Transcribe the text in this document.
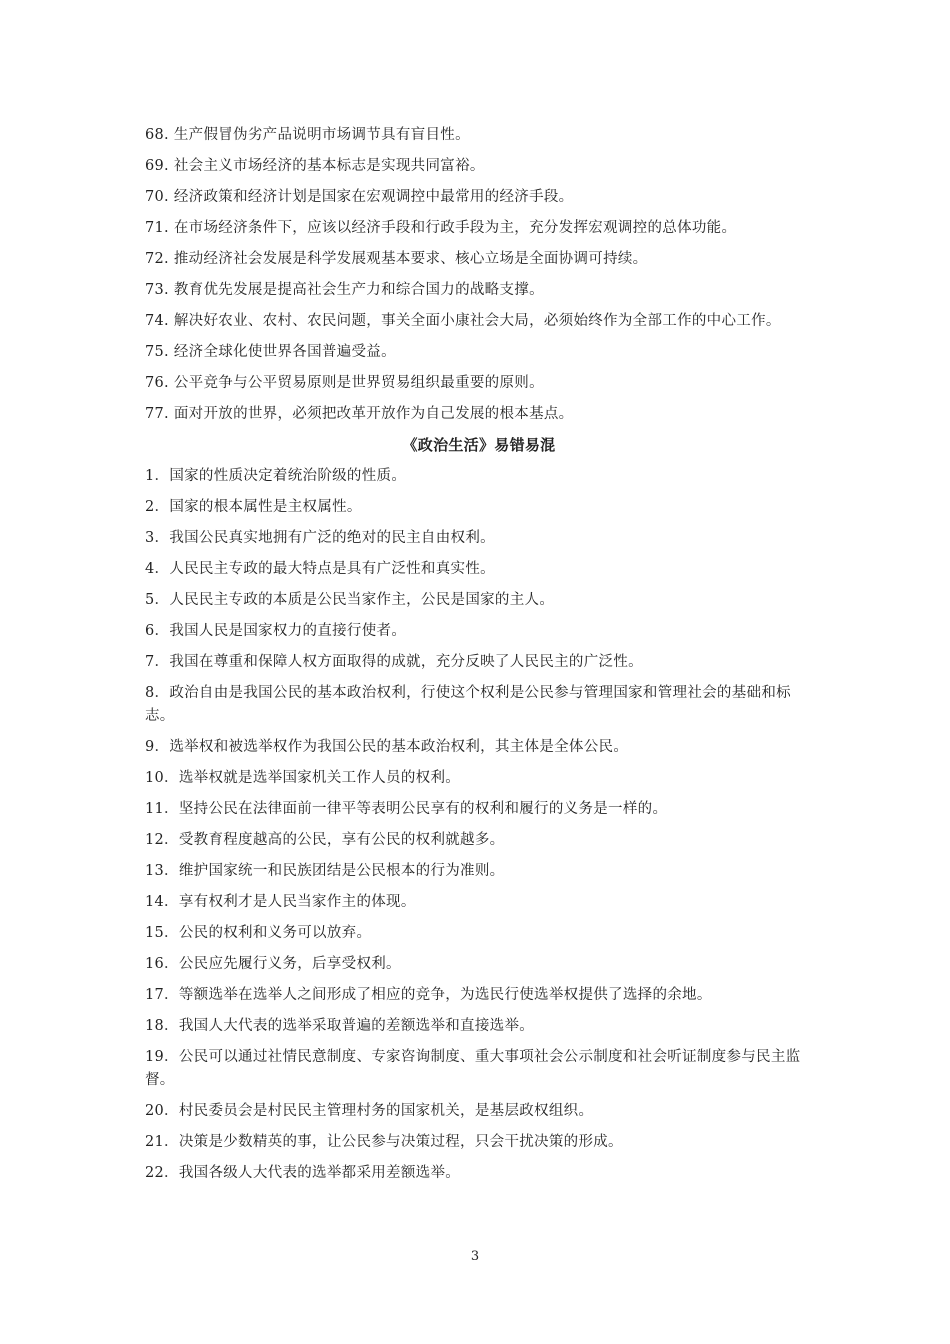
68. 生产假冒伪劣产品说明市场调节具有盲目性。
69. 社会主义市场经济的基本标志是实现共同富裕。
70. 经济政策和经济计划是国家在宏观调控中最常用的经济手段。
71. 在市场经济条件下，应该以经济手段和行政手段为主，充分发挥宏观调控的总体功能。
72. 推动经济社会发展是科学发展观基本要求、核心立场是全面协调可持续。
73. 教育优先发展是提高社会生产力和综合国力的战略支撑。
74. 解决好农业、农村、农民问题，事关全面小康社会大局，必须始终作为全部工作的中心工作。
75. 经济全球化使世界各国普遍受益。
76. 公平竞争与公平贸易原则是世界贸易组织最重要的原则。
77. 面对开放的世界，必须把改革开放作为自己发展的根本基点。
《政治生活》易错易混
1．国家的性质决定着统治阶级的性质。
2．国家的根本属性是主权属性。
3．我国公民真实地拥有广泛的绝对的民主自由权利。
4．人民民主专政的最大特点是具有广泛性和真实性。
5．人民民主专政的本质是公民当家作主，公民是国家的主人。
6．我国人民是国家权力的直接行使者。
7．我国在尊重和保障人权方面取得的成就，充分反映了人民民主的广泛性。
8．政治自由是我国公民的基本政治权利，行使这个权利是公民参与管理国家和管理社会的基础和标志。
9．选举权和被选举权作为我国公民的基本政治权利，其主体是全体公民。
10．选举权就是选举国家机关工作人员的权利。
11．坚持公民在法律面前一律平等表明公民享有的权利和履行的义务是一样的。
12．受教育程度越高的公民，享有公民的权利就越多。
13．维护国家统一和民族团结是公民根本的行为准则。
14．享有权利才是人民当家作主的体现。
15．公民的权利和义务可以放弃。
16．公民应先履行义务，后享受权利。
17．等额选举在选举人之间形成了相应的竞争，为选民行使选举权提供了选择的余地。
18．我国人大代表的选举采取普遍的差额选举和直接选举。
19．公民可以通过社情民意制度、专家咨询制度、重大事项社会公示制度和社会听证制度参与民主监督。
20．村民委员会是村民民主管理村务的国家机关，是基层政权组织。
21．决策是少数精英的事，让公民参与决策过程，只会干扰决策的形成。
22．我国各级人大代表的选举都采用差额选举。
3
